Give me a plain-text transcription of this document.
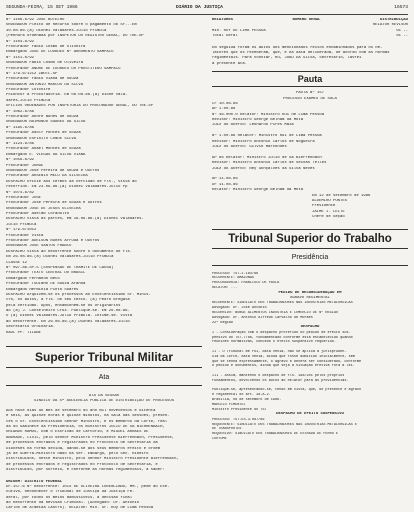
SEGUNDA-FEIRA, 15 SET 1986	DIÁRIO DA JUSTIÇA	16573
Nº 1106-6/92 JOSÉ BOTELHO
ORDENADOR Pleito de Recurso sobre o pagamento do Sr...Em
30.08.86.(a) Dionei Valadares-Julio Primula
(Penhura ordenada por INSPETOR DO REGISTRO GERAL, DO TRE-SP
Nº 1104-6/92
Procurador Fábio Cosmo de Oliveira
Embargado JOSÉ DE LOURDES Nº ARRUMENTO SAMPAIO
Nº 1151-6/92
ORDENADOR Fábio Cosmo de Oliveira
Procurador ANDRÉ DE LOURDES DO PROSTITERO SAMPAIO
Nº 1/9-6/1212 ZWOTL-SP
Procurador Fabio Viana de Souza
ORDENADOR ANTONIO MARCOS DA SILVA
Procurador Cutchire
Pcibhcor a Procuradoria. Em 06.08.86.(a) Dione Vala-
dares-Julio Primula
OFÍCIOS ORDENADOS POR INSPETORIA DO PROCURADOR GERAL, DO TRE-SP
Nº 1062-6/86
Procurador André Nunes de Souza
ORDENADOR RAIMUNDO SOARES DA SILVA
Nº 1195-6/86
Procurador Adolf Pontes de Souza
ORDENADOR ESPÍRITO CONDE SILVA
Nº 1124-6/86
Procurador Anael Montes de Souza
Embargado E. VIEGAS DA SILVA VIANA
Nº 1056-6/92
Procurador JORGE
ORDENADOR Jose Pereira de Souza e Outros
Procurador ARSÊNIO MELO DA SILVEIRA
DESPACHO Oficie aos termos da certidão de fls., vista ao
recorrido. Em 23.09.86.(a) Dionei Valadares-Julio Pp
Nº 1074-6/82
Procurador JOSÉ
Procurador Jose Pereira de Souza e Outros
ORDENADOR JOSÉ DE JESUS OLIVEIRA
Procurador Adelmo Coradulto
DESPACHO Vista às partes, em 16.09.86.(a) Dionei Valadares-
Julio Primula
Nº 1/9-6/1012
Procurador Vista
Procurador ADELSON Nunes Arruda e Outros
ORDENADOR JOSÉ SANTOS FRANCO
DESPACHO Vista ao Recorrente sobre o documento de fls.
Em 26.08.86.(a) Dionei Valadares-Julio Primula
CLASSE 12
Nº 097-86-SP-5 (SUSPENSÃO DE TRÂMITE DE CAUSA)
Procurador TEXTO CENTRAL DO BRASIL
Embargado Fernando Neto
Procurador TODINHO DE Souza Aranha
Embargado Herminia Pinto Soares
DESPACHO Arquivem-se os processos ao Excelentíssimo Sr. Minis-
tro, os autos, a fls. do seu texto. (a) Pedro Bregata
pela certidão. Após, encaminhem-se os Originários
ao (a) J. Conselheiro Cruz. Publique-se. Em 26.08.86.
O (a) Dionei Valadares-Julio Primula. Intime-se. Vista
ao Recorrente. Em 26.08.86.(a) Dionei Valadares-Julio
Secretário Ordinária.
RAUL PP. TILANE
Superior Tribunal Militar
Ata
ATA DA SESSÃO
SÍNDICO DA Sª AUDIÊNCIA PÚBLICA DE DISTRIBUIÇÃO DE PROCESSOS
Aos nove dias do mês de setembro do ano mil novecentos e oitenta
e seis, às quinze horas e quinze minutos, na Sala das Sessões, presen-
tes o Sr. Excelentíssimo Senhor Ministro, e os membros da Corte, real
da do Gabinete da Presidência, os ministros JÚLIO DE SÁ BIERRENBACH,
ORLANDO RAMOS, com o Escrivão de Cartório, e MIGUEL ARRAES DE
ANDRADE, CIVIL, pelo Senhor Ministro Presidente Bierrenbach, Presidente,
de processos entrados e registrados no Protocolo de Secretaria da
Dioceses na forma devida, dando-se aos seus membros efeito e ordem
já de Guerra-Ministro dado na Ser. Embargo, pelo Sec. Ribeiro
Distribuídos, neste Ministro, pelo Senhor Ministro Presidente Bierrenbach,
de processos entrados e registrados no Protocolo de Secretaria, e
distribuído, por sorteio, e conforme as normas regimentais, a saber:
ORIGEM: DISTRITO FEDERAL
DF.157-6 Nº Recorrente: IRIS DE OLIVEIRA LORENCIANO, MM., pede ao Exe-
cutivo, Reconhecer o Tribunal de Justiça da Justiça Fe-
deral, por todos os meios admissíveis, a decisão final
ao Recorrente da Revisão Criminal. (Advogado: Dr. Antonio
Carlos de Almeida Castro). RELATOR: Min. Sr. Ruy de Lima Pessoa
RELATORES	NÚMERO GERAL	DISTRIBUIÇÃO
RELATOR REVISOR
Min. RUY DE LIMA PESSOA	01 --
Total Geral	01 --
Em seguida foram os autos dos mencionados feitos encaminhados para os Re-
latores que os receberam, que, e na data deliberada, de acordo com as normas
regimentais. Para constar, eu, JOÃO DA SILVA, Secretário, lavrei
a presente ata.
Pauta
PAUTA Nº 157
PROCESSO EXAMES DE SOLA
CF 10.08.86
AP 1.00.86
Nº 46.000.0 Relator: Ministro Rui de Lima Pessoa
Revisor: Ministro George Belham da Mota
Juiz do Acervo: Leonardo Pires Maia
Nº 1.00.86 Relator: Ministro Rui de Lima Pessoa
Revisor: Ministro Antônio Carlos de Nogueira
Juiz do Acervo: Gilvio Marcondes
AP 86 Relator: Ministro Julio de Sá Bierrenbach
Revisor: Ministro Antônio Carlos de Seixas Telles
Juiz do Acervo: Ney Gonçalves da Silva Neves
AP 11.08.86
DF 11.08.86
Relator: Ministro George Belham da Mota
Em 12 de setembro de 1986
ALDEMIRO PONTES
Presidente
JAIME J. LEITE
Chefe de Seção
Tribunal Superior do Trabalho
Presidência
PROCESSO: TST-1.184/86
RECORRENTE: AMAZONAS
PROCURADORIA: FRANCISCO DE PAULA
RELATOR: ...
PEDIDO DE RECONSIDERAÇÃO EM
AGRAVO REGIMENTAL
RECORRENTE: SINDICATO DOS TRABALHADORES NAS INDÚSTRIAS METALÚRGICAS
Advogado: Dr. José Antonio
RECORRIDO: BUNGE ALIMENTOS INDÚSTRIA E COMÉRCIO DE Nº REGIÃO
Advogado: Dr. Antônio Alfredo Carvalho de Moraes
22ª Região
DESPACHO
I - Consideração com o despacho proferido no pedido de efeito sus-
pensivo do TST-7/86, fundamentado conforme está estabelecido quando
reuniões normativas, concedo o efeito suspensivo requerido.
II - O Tribunal me foi, data venia, não se aplica à jurisprudên-
cia da Corte, data venia, ainda que fosse admitido inicialmente, sem
que se tenha expressamente, o agravo e deverá ser considerado, conforme
o pedido e documentos, ainda que seja a situação efetiva fora a lei.
III - Assim, mantenho o despacho de fls. 198/201 pelos próprios
fundamentos, devolvendo os autos ao Relator para as providências.
Publique-se, apresentando-se, tendo em vista, que, do presente é agravo
e regimental do art. 38-A-2.
Brasília, 08 de setembro de 1986.
MARCELO PIMENTEL
Ministro Presidente do TST
DESPACHO DE EFEITO SUSPENSIVO
PROCESSO: TST-ES-3.087/86
REQUERENTE: SINDICATO DOS TRABALHADORES NAS INDÚSTRIAS METALÚRGICAS E
DE TRANSPORTES
REQUERIDO: SINDICATO DOS TRABALHADORES DE ESTRADA DE FERRO E
CURTUME
